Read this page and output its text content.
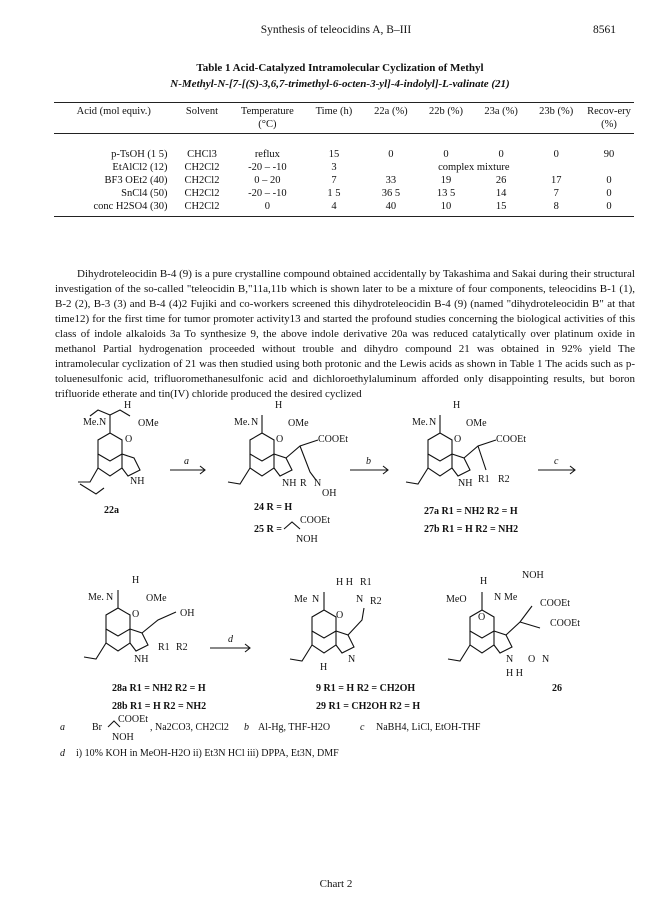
Synthesis of teleocidins A, B–III	8561
Table 1 Acid-Catalyzed Intramolecular Cyclization of Methyl
N-Methyl-N-[7-[(S)-3,6,7-trimethyl-6-octen-3-yl]-4-indolyl]-L-valinate (21)
Acid (mol equiv.)	Solvent	Temperature (°C)	Time (h)	22a (%)	22b (%)	23a (%)	23b (%)	Recov-ery (%)
p-TsOH (1 5)	CHCl3	reflux	15	0	0	0	0	90
EtAlCl2 (12)	CH2Cl2	-20 – -10	3	complex mixture				
BF3 OEt2 (40)	CH2Cl2	0 – 20	7	33	19	26	17	0
SnCl4 (50)	CH2Cl2	-20 – -10	1 5	36 5	13 5	14	7	0
conc H2SO4 (30)	CH2Cl2	0	4	40	10	15	8	0

Dihydroteleocidin B-4 (9) is a pure crystalline compound obtained accidentally by Takashima and Sakai during their structural investigation of the so-called "teleocidin B,"11a,11b which is shown later to be a mixture of four components, teleocidins B-1 (1), B-2 (2), B-3 (3) and B-4 (4)2 Fujiki and co-workers screened this dihydroteleocidin B-4 (9) (named "dihydroteleocidin B" at that time12) for the first time for tumor promoter activity13 and started the profound studies concerning the biological activities of this class of indole alkaloids 3a To synthesize 9, the above indole derivative 20a was reduced catalytically over platinum oxide in methanol Partial hydrogenation proceeded without trouble and dihydro compound 21 was obtained in 92% yield The intramolecular cyclization of 21 was then studied using both protonic and the Lewis acids as shown in Table 1 The acids such as p-toluenesulfonic acid, trifluoromethanesulfonic acid and dichloroethylaluminum afforded only disappointing results, but boron trifluoride etherate and tin(IV) chloride produced the desired cyclized

Me. N
H
OMe
O
NH
22a
a
Me. N
H
OMe
O	COOEt
NH R N
OH
24 R = H
25 R =
COOEt
NOH
b
Me. N
H
OMe
O	COOEt
NH R1 R2
27a R1 = NH2 R2 = H
27b R1 = H R2 = NH2
c
Me. N
H
OMe
O	OH
NH
R1 R2
28a R1 = NH2 R2 = H
28b R1 = H R2 = NH2
d
Me N
H H R1
N R2
O
N
H
9 R1 = H R2 = CH2OH
29 R1 = CH2OH R2 = H
MeO	N Me
H
O
NOH
COOEt
COOEt
N O N
H H
26
a	Br
COOEt
NOH
, Na2CO3, CH2Cl2 b Al-Hg, THF-H2O	c NaBH4, LiCl, EtOH-THF
d i) 10% KOH in MeOH-H2O ii) Et3N HCl iii) DPPA, Et3N, DMF
Chart 2
